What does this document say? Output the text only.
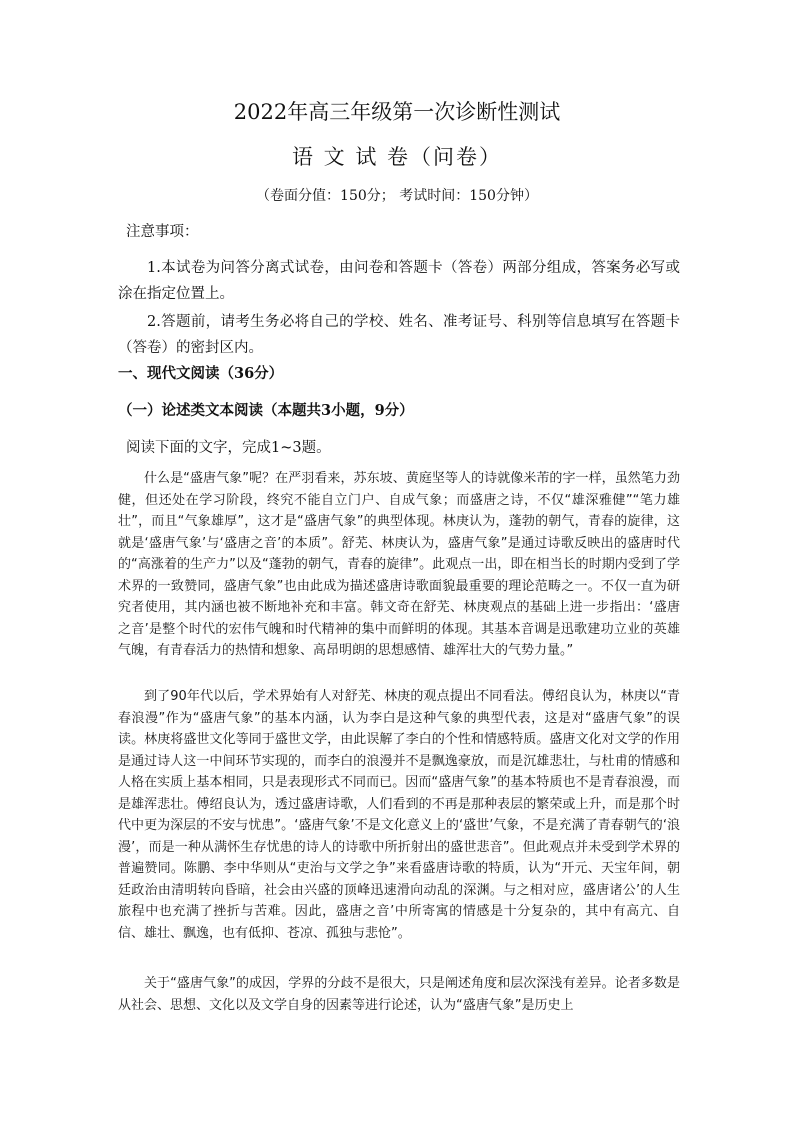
2022年高三年级第一次诊断性测试
语 文 试 卷（问卷）
（卷面分值：150分； 考试时间：150分钟）
注意事项：
1.本试卷为问答分离式试卷，由问卷和答题卡（答卷）两部分组成，答案务必写或涂在指定位置上。
2.答题前，请考生务必将自己的学校、姓名、准考证号、科别等信息填写在答题卡（答卷）的密封区内。
一、现代文阅读（36分）
（一）论述类文本阅读（本题共3小题，9分）
阅读下面的文字，完成1~3题。
什么是“盛唐气象”呢？在严羽看来，苏东坡、黄庭坚等人的诗就像米芾的字一样，虽然笔力劲健，但还处在学习阶段，终究不能自立门户、自成气象；而盛唐之诗，不仅“雄深雅健”“笔力雄壮”，而且“气象雄厚”，这才是“盛唐气象”的典型体现。林庚认为，蓬勃的朝气，青春的旋律，这就是‘盛唐气象’与‘盛唐之音’的本质”。舒芜、林庚认为，盛唐气象”是通过诗歌反映出的盛唐时代的“高涨着的生产力”以及“蓬勃的朝气，青春的旋律”。此观点一出，即在相当长的时期内受到了学术界的一致赞同，盛唐气象”也由此成为描述盛唐诗歌面貌最重要的理论范畴之一。不仅一直为研究者使用，其内涵也被不断地补充和丰富。韩文奇在舒芜、林庚观点的基础上进一步指出：‘盛唐之音’是整个时代的宏伟气魄和时代精神的集中而鲜明的体现。其基本音调是迅歌建功立业的英雄气魄，有青春活力的热情和想象、高昂明朗的思想感情、雄浑壮大的气势力量。”
到了90年代以后，学术界始有人对舒芜、林庚的观点提出不同看法。傅绍良认为，林庚以“青春浪漫”作为“盛唐气象”的基本内涵，认为李白是这种气象的典型代表，这是对“盛唐气象”的误读。林庚将盛世文化等同于盛世文学，由此误解了李白的个性和情感特质。盛唐文化对文学的作用是通过诗人这一中间环节实现的，而李白的浪漫并不是飘逸豪放，而是沉雄悲壮，与杜甫的情感和人格在实质上基本相同，只是表现形式不同而已。因而“盛唐气象”的基本特质也不是青春浪漫，而是雄浑悲壮。傅绍良认为，透过盛唐诗歌，人们看到的不再是那种表层的繁荣或上升，而是那个时代中更为深层的不安与忧患”。‘盛唐气象’不是文化意义上的‘盛世’气象，不是充满了青春朝气的‘浪漫’，而是一种从满怀生存忧患的诗人的诗歌中所折射出的盛世悲音”。但此观点并未受到学术界的普遍赞同。陈鹏、李中华则从“吏治与文学之争”来看盛唐诗歌的特质，认为“开元、天宝年间，朝廷政治由清明转向昏暗，社会由兴盛的顶峰迅速滑向动乱的深渊。与之相对应，盛唐诸公’的人生旅程中也充满了挫折与苦难。因此，盛唐之音’中所寄寓的情感是十分复杂的，其中有高亢、自信、雄壮、飘逸，也有低抑、苍凉、孤独与悲怆”。
关于“盛唐气象”的成因，学界的分歧不是很大，只是阐述角度和层次深浅有差异。论者多数是从社会、思想、文化以及文学自身的因素等进行论述，认为“盛唐气象”是历史上
